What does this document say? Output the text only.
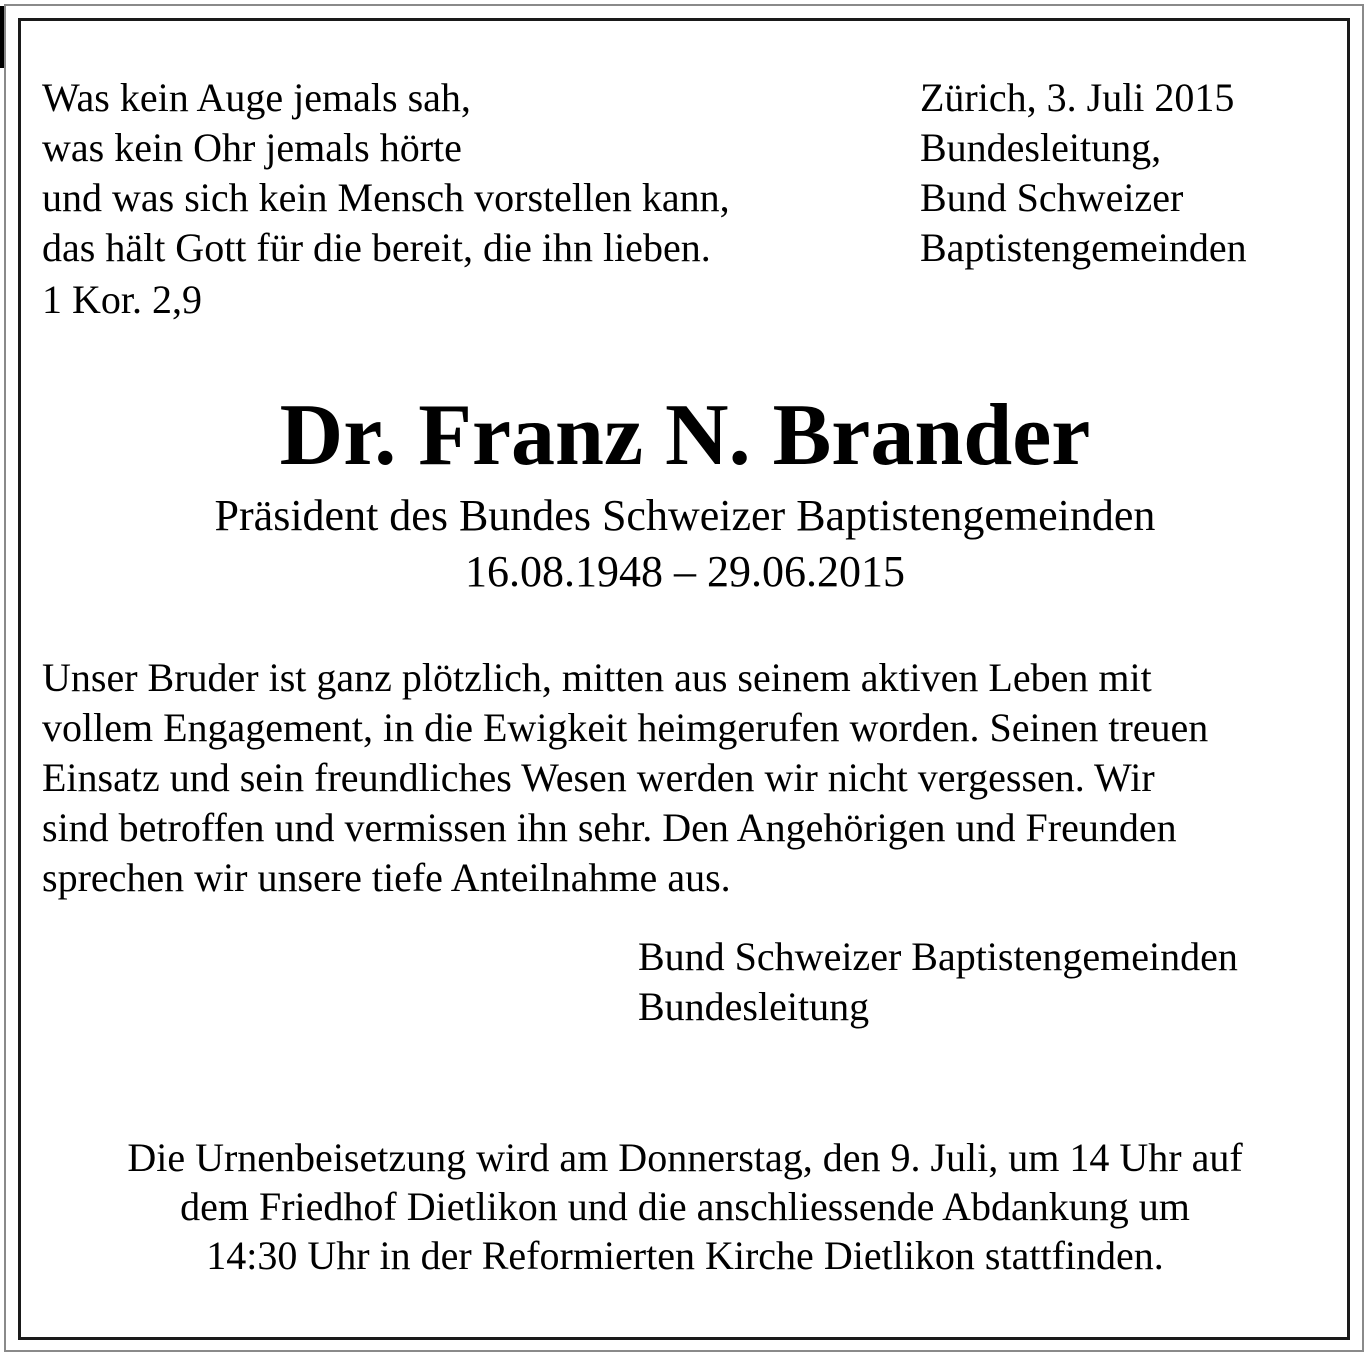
Was kein Auge jemals sah,
was kein Ohr jemals hörte
und was sich kein Mensch vorstellen kann,
das hält Gott für die bereit, die ihn lieben.
1 Kor. 2,9
Zürich, 3. Juli 2015
Bundesleitung,
Bund Schweizer
Baptistengemeinden
Dr. Franz N. Brander
Präsident des Bundes Schweizer Baptistengemeinden
16.08.1948 – 29.06.2015
Unser Bruder ist ganz plötzlich, mitten aus seinem aktiven Leben mit
vollem Engagement, in die Ewigkeit heimgerufen worden. Seinen treuen
Einsatz und sein freundliches Wesen werden wir nicht vergessen. Wir
sind betroffen und vermissen ihn sehr. Den Angehörigen und Freunden
sprechen wir unsere tiefe Anteilnahme aus.
Bund Schweizer Baptistengemeinden
Bundesleitung
Die Urnenbeisetzung wird am Donnerstag, den 9. Juli, um 14 Uhr auf
dem Friedhof Dietlikon und die anschliessende Abdankung um
14:30 Uhr in der Reformierten Kirche Dietlikon stattfinden.
